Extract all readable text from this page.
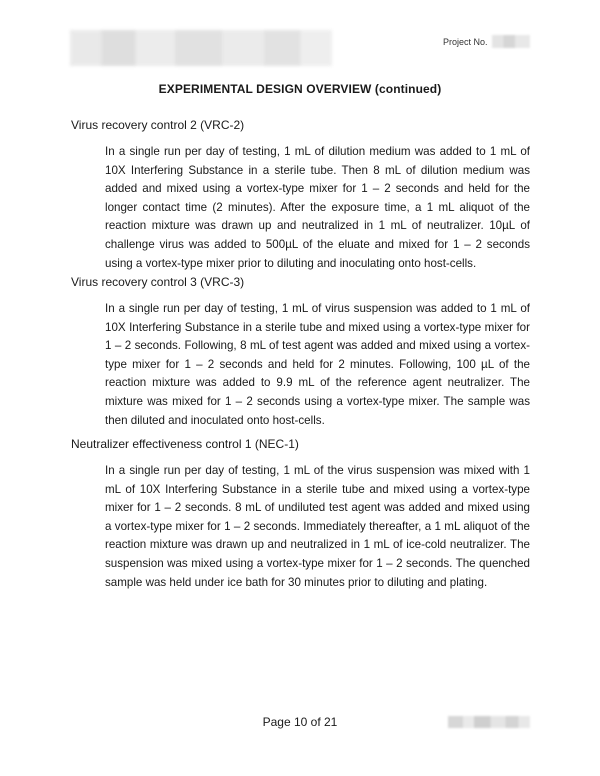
Project No.
EXPERIMENTAL DESIGN OVERVIEW (continued)
Virus recovery control 2 (VRC-2)
In a single run per day of testing, 1 mL of dilution medium was added to 1 mL of 10X Interfering Substance in a sterile tube. Then 8 mL of dilution medium was added and mixed using a vortex-type mixer for 1 – 2 seconds and held for the longer contact time (2 minutes). After the exposure time, a 1 mL aliquot of the reaction mixture was drawn up and neutralized in 1 mL of neutralizer. 10µL of challenge virus was added to 500µL of the eluate and mixed for 1 – 2 seconds using a vortex-type mixer prior to diluting and inoculating onto host-cells.
Virus recovery control 3 (VRC-3)
In a single run per day of testing, 1 mL of virus suspension was added to 1 mL of 10X Interfering Substance in a sterile tube and mixed using a vortex-type mixer for 1 – 2 seconds. Following, 8 mL of test agent was added and mixed using a vortex-type mixer for 1 – 2 seconds and held for 2 minutes. Following, 100 µL of the reaction mixture was added to 9.9 mL of the reference agent neutralizer. The mixture was mixed for 1 – 2 seconds using a vortex-type mixer. The sample was then diluted and inoculated onto host-cells.
Neutralizer effectiveness control 1 (NEC-1)
In a single run per day of testing, 1 mL of the virus suspension was mixed with 1 mL of 10X Interfering Substance in a sterile tube and mixed using a vortex-type mixer for 1 – 2 seconds. 8 mL of undiluted test agent was added and mixed using a vortex-type mixer for 1 – 2 seconds. Immediately thereafter, a 1 mL aliquot of the reaction mixture was drawn up and neutralized in 1 mL of ice-cold neutralizer. The suspension was mixed using a vortex-type mixer for 1 – 2 seconds. The quenched sample was held under ice bath for 30 minutes prior to diluting and plating.
Page 10 of 21
